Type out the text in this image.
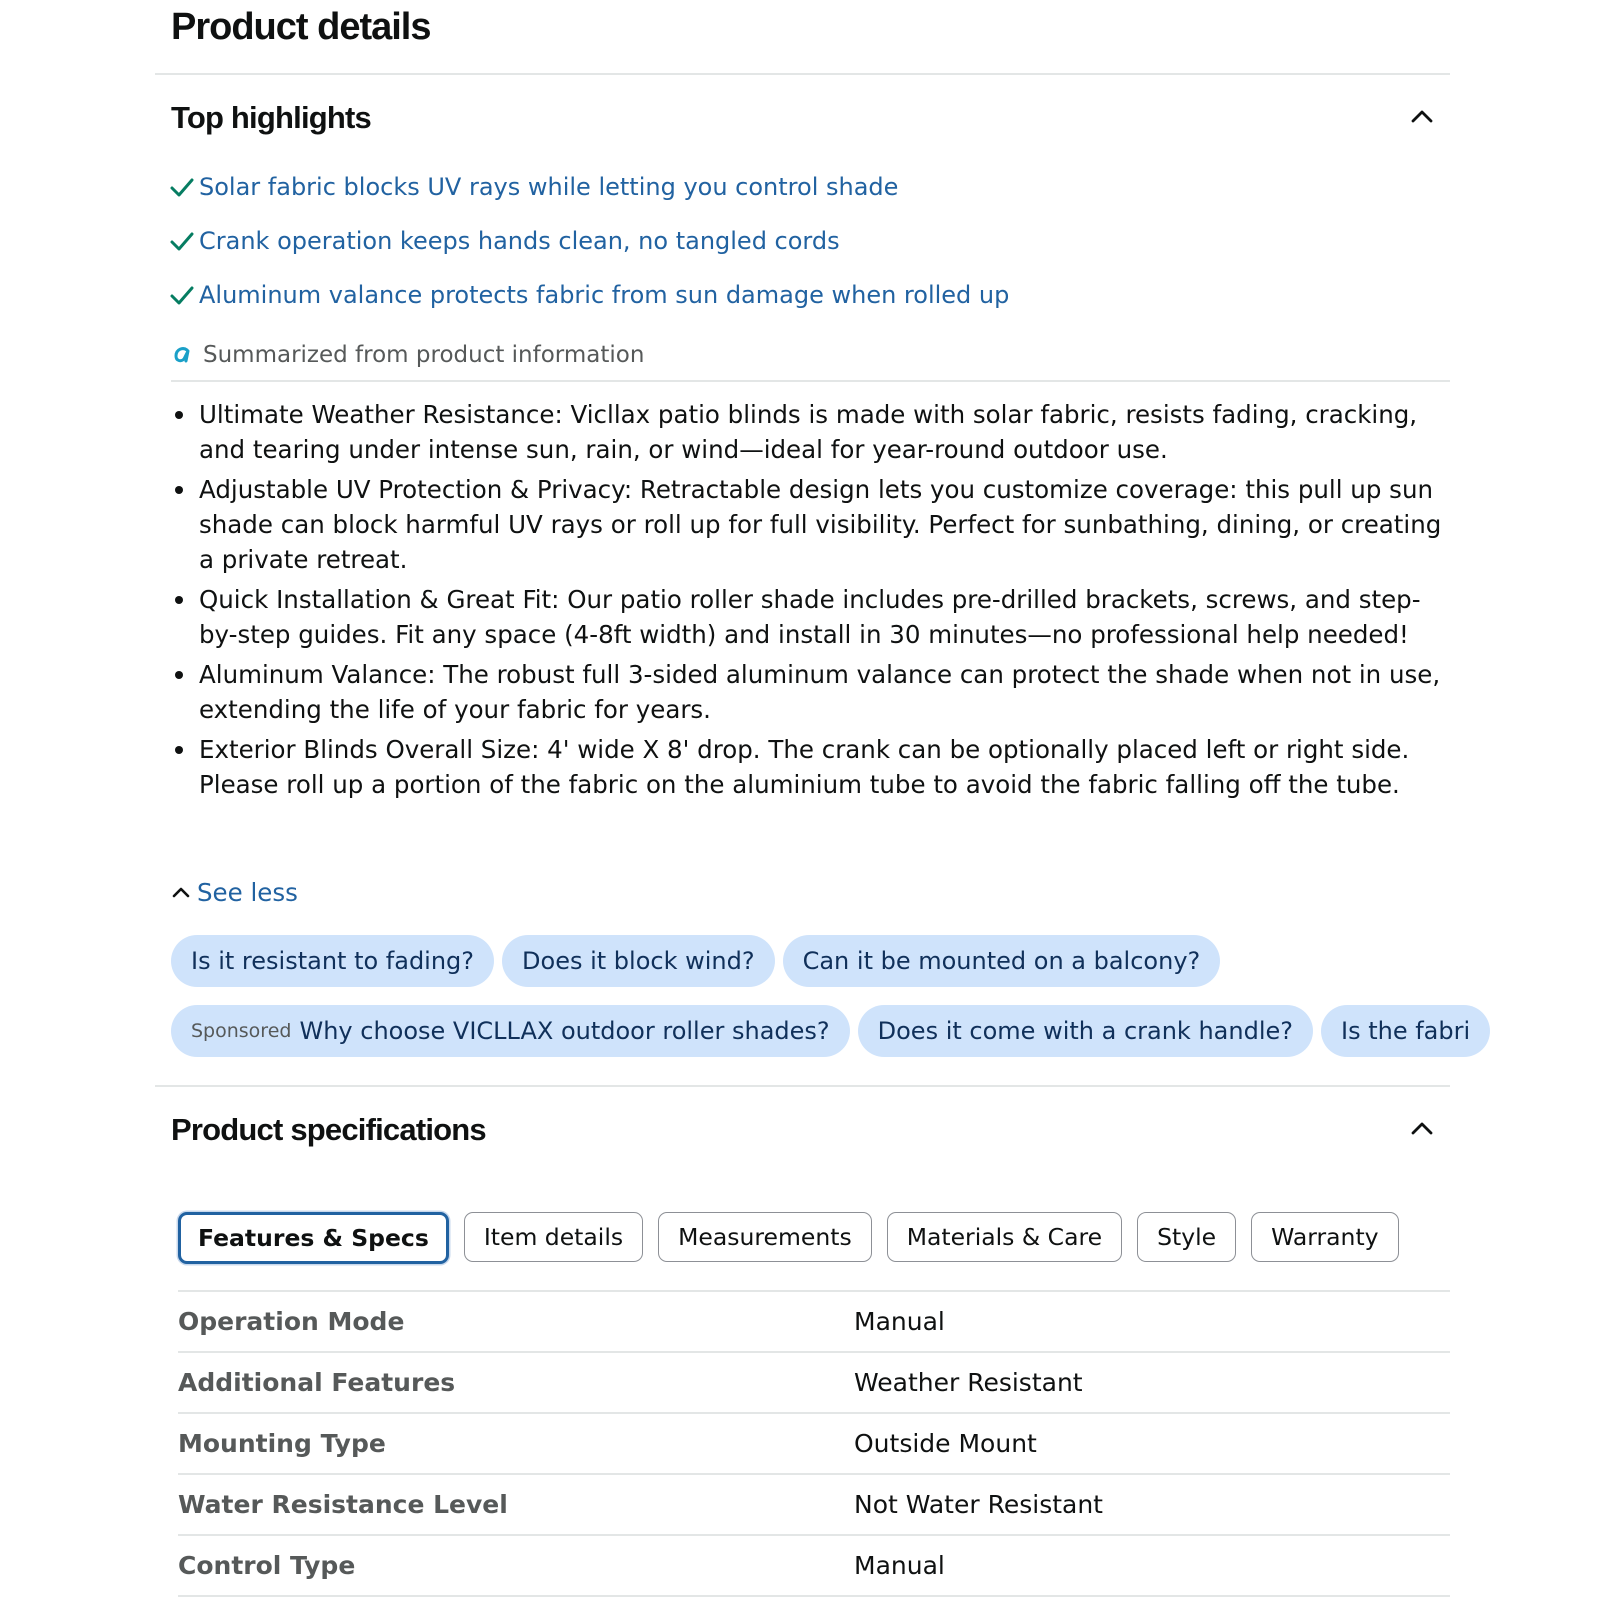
Product details
Top highlights
Solar fabric blocks UV rays while letting you control shade
Crank operation keeps hands clean, no tangled cords
Aluminum valance protects fabric from sun damage when rolled up
Summarized from product information
Ultimate Weather Resistance: Vicllax patio blinds is made with solar fabric, resists fading, cracking, and tearing under intense sun, rain, or wind—ideal for year-round outdoor use.
Adjustable UV Protection & Privacy: Retractable design lets you customize coverage: this pull up sun shade can block harmful UV rays or roll up for full visibility. Perfect for sunbathing, dining, or creating a private retreat.
Quick Installation & Great Fit: Our patio roller shade includes pre-drilled brackets, screws, and step-by-step guides. Fit any space (4-8ft width) and install in 30 minutes—no professional help needed!
Aluminum Valance: The robust full 3-sided aluminum valance can protect the shade when not in use, extending the life of your fabric for years.
Exterior Blinds Overall Size: 4' wide X 8' drop. The crank can be optionally placed left or right side. Please roll up a portion of the fabric on the aluminium tube to avoid the fabric falling off the tube.
See less
Is it resistant to fading? Does it block wind? Can it be mounted on a balcony?
Sponsored Why choose VICLLAX outdoor roller shades? Does it come with a crank handle? Is the fabri
Product specifications
Features & Specs	Item details	Measurements	Materials & Care	Style	Warranty
Operation Mode	Manual
Additional Features	Weather Resistant
Mounting Type	Outside Mount
Water Resistance Level	Not Water Resistant
Control Type	Manual
